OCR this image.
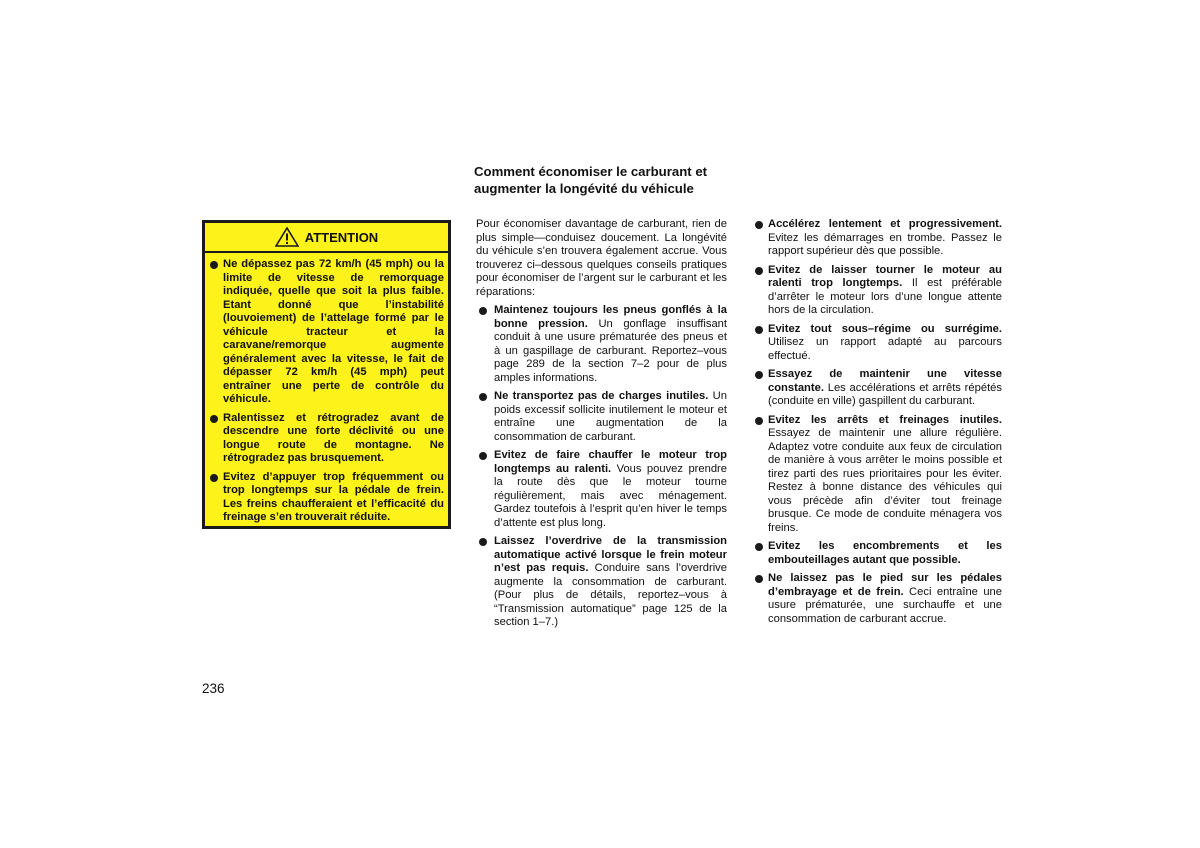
ATTENTION
Ne dépassez pas 72 km/h (45 mph) ou la limite de vitesse de remorquage indiquée, quelle que soit la plus faible. Etant donné que l’instabilité (louvoiement) de l’attelage formé par le véhicule tracteur et la caravane/remorque augmente généralement avec la vitesse, le fait de dépasser 72 km/h (45 mph) peut entraîner une perte de contrôle du véhicule.
Ralentissez et rétrogradez avant de descendre une forte déclivité ou une longue route de montagne. Ne rétrogradez pas brusquement.
Evitez d’appuyer trop fréquemment ou trop longtemps sur la pédale de frein. Les freins chaufferaient et l’efficacité du freinage s’en trouverait réduite.
Comment économiser le carburant et augmenter la longévité du véhicule

Pour économiser davantage de carburant, rien de plus simple—conduisez doucement. La longévité du véhicule s’en trouvera également accrue. Vous trouverez ci–dessous quelques conseils pratiques pour économiser de l’argent sur le carburant et les réparations:

Maintenez toujours les pneus gonflés à la bonne pression. Un gonflage insuffisant conduit à une usure prématurée des pneus et à un gaspillage de carburant. Reportez–vous page 289 de la section 7–2 pour de plus amples informations.
Ne transportez pas de charges inutiles. Un poids excessif sollicite inutilement le moteur et entraîne une augmentation de la consommation de carburant.
Evitez de faire chauffer le moteur trop longtemps au ralenti. Vous pouvez prendre la route dès que le moteur tourne régulièrement, mais avec ménagement. Gardez toutefois à l’esprit qu’en hiver le temps d’attente est plus long.
Laissez l’overdrive de la transmission automatique activé lorsque le frein moteur n’est pas requis. Conduire sans l’overdrive augmente la consommation de carburant. (Pour plus de détails, reportez–vous à “Transmission automatique” page 125 de la section 1–7.)
Accélérez lentement et progressivement. Evitez les démarrages en trombe. Passez le rapport supérieur dès que possible.
Evitez de laisser tourner le moteur au ralenti trop longtemps. Il est préférable d’arrêter le moteur lors d’une longue attente hors de la circulation.
Evitez tout sous–régime ou surrégime. Utilisez un rapport adapté au parcours effectué.
Essayez de maintenir une vitesse constante. Les accélérations et arrêts répétés (conduite en ville) gaspillent du carburant.
Evitez les arrêts et freinages inutiles. Essayez de maintenir une allure régulière. Adaptez votre conduite aux feux de circulation de manière à vous arrêter le moins possible et tirez parti des rues prioritaires pour les éviter. Restez à bonne distance des véhicules qui vous précède afin d’éviter tout freinage brusque. Ce mode de conduite ménagera vos freins.
Evitez les encombrements et les embouteillages autant que possible.
Ne laissez pas le pied sur les pédales d’embrayage et de frein. Ceci entraîne une usure prématurée, une surchauffe et une consommation de carburant accrue.
236
